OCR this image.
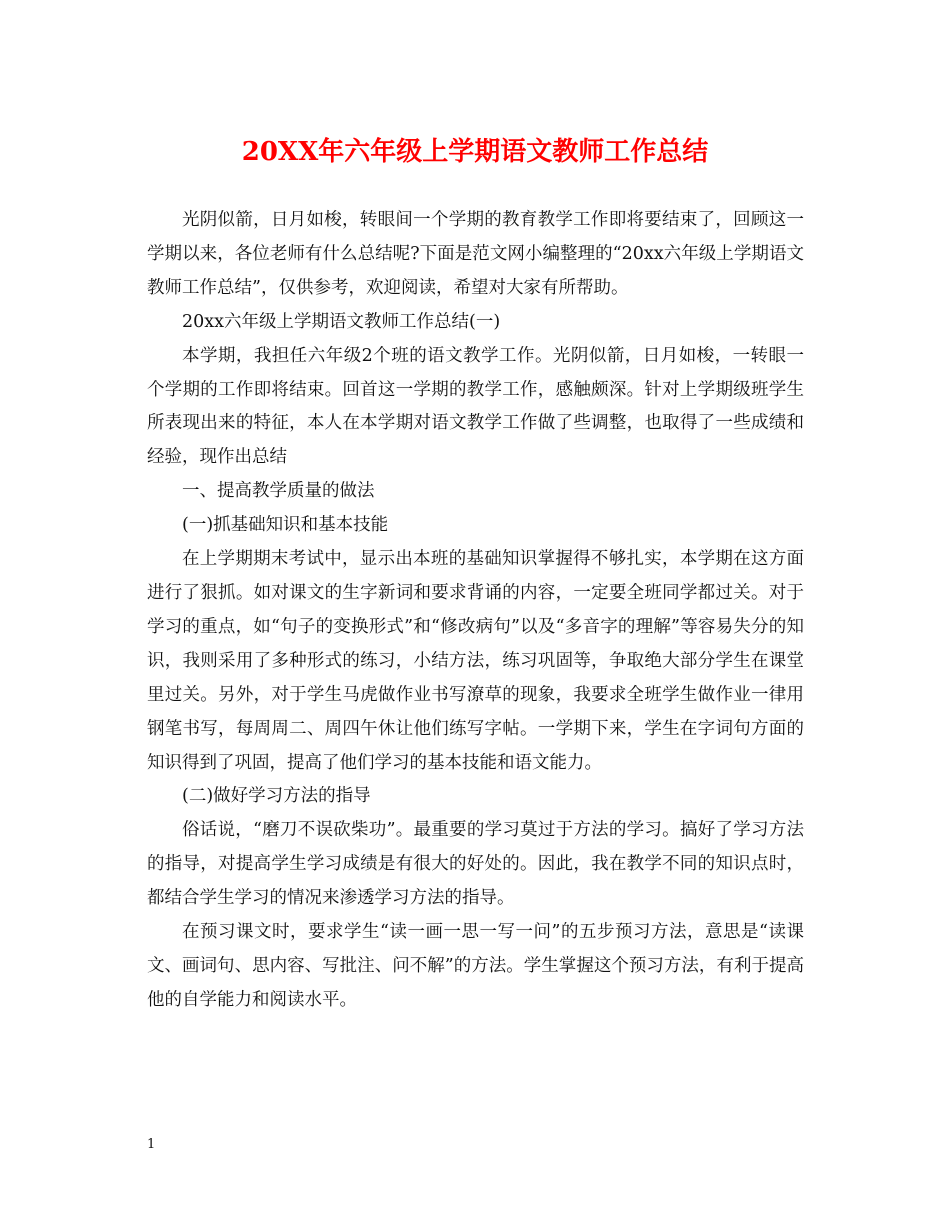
20XX年六年级上学期语文教师工作总结

光阴似箭，日月如梭，转眼间一个学期的教育教学工作即将要结束了，回顾这一学期以来，各位老师有什么总结呢?下面是范文网小编整理的“20xx六年级上学期语文教师工作总结”，仅供参考，欢迎阅读，希望对大家有所帮助。

20xx六年级上学期语文教师工作总结(一)

本学期，我担任六年级2个班的语文教学工作。光阴似箭，日月如梭，一转眼一个学期的工作即将结束。回首这一学期的教学工作，感触颇深。针对上学期级班学生所表现出来的特征，本人在本学期对语文教学工作做了些调整，也取得了一些成绩和经验，现作出总结

一、提高教学质量的做法

(一)抓基础知识和基本技能

在上学期期末考试中，显示出本班的基础知识掌握得不够扎实，本学期在这方面进行了狠抓。如对课文的生字新词和要求背诵的内容，一定要全班同学都过关。对于学习的重点，如“句子的变换形式”和“修改病句”以及“多音字的理解”等容易失分的知识，我则采用了多种形式的练习，小结方法，练习巩固等，争取绝大部分学生在课堂里过关。另外，对于学生马虎做作业书写潦草的现象，我要求全班学生做作业一律用钢笔书写，每周周二、周四午休让他们练写字帖。一学期下来，学生在字词句方面的知识得到了巩固，提高了他们学习的基本技能和语文能力。

(二)做好学习方法的指导

俗话说，“磨刀不误砍柴功”。最重要的学习莫过于方法的学习。搞好了学习方法的指导，对提高学生学习成绩是有很大的好处的。因此，我在教学不同的知识点时，都结合学生学习的情况来渗透学习方法的指导。

在预习课文时，要求学生“读一画一思一写一问”的五步预习方法，意思是“读课文、画词句、思内容、写批注、问不解”的方法。学生掌握这个预习方法，有利于提高他的自学能力和阅读水平。

1
